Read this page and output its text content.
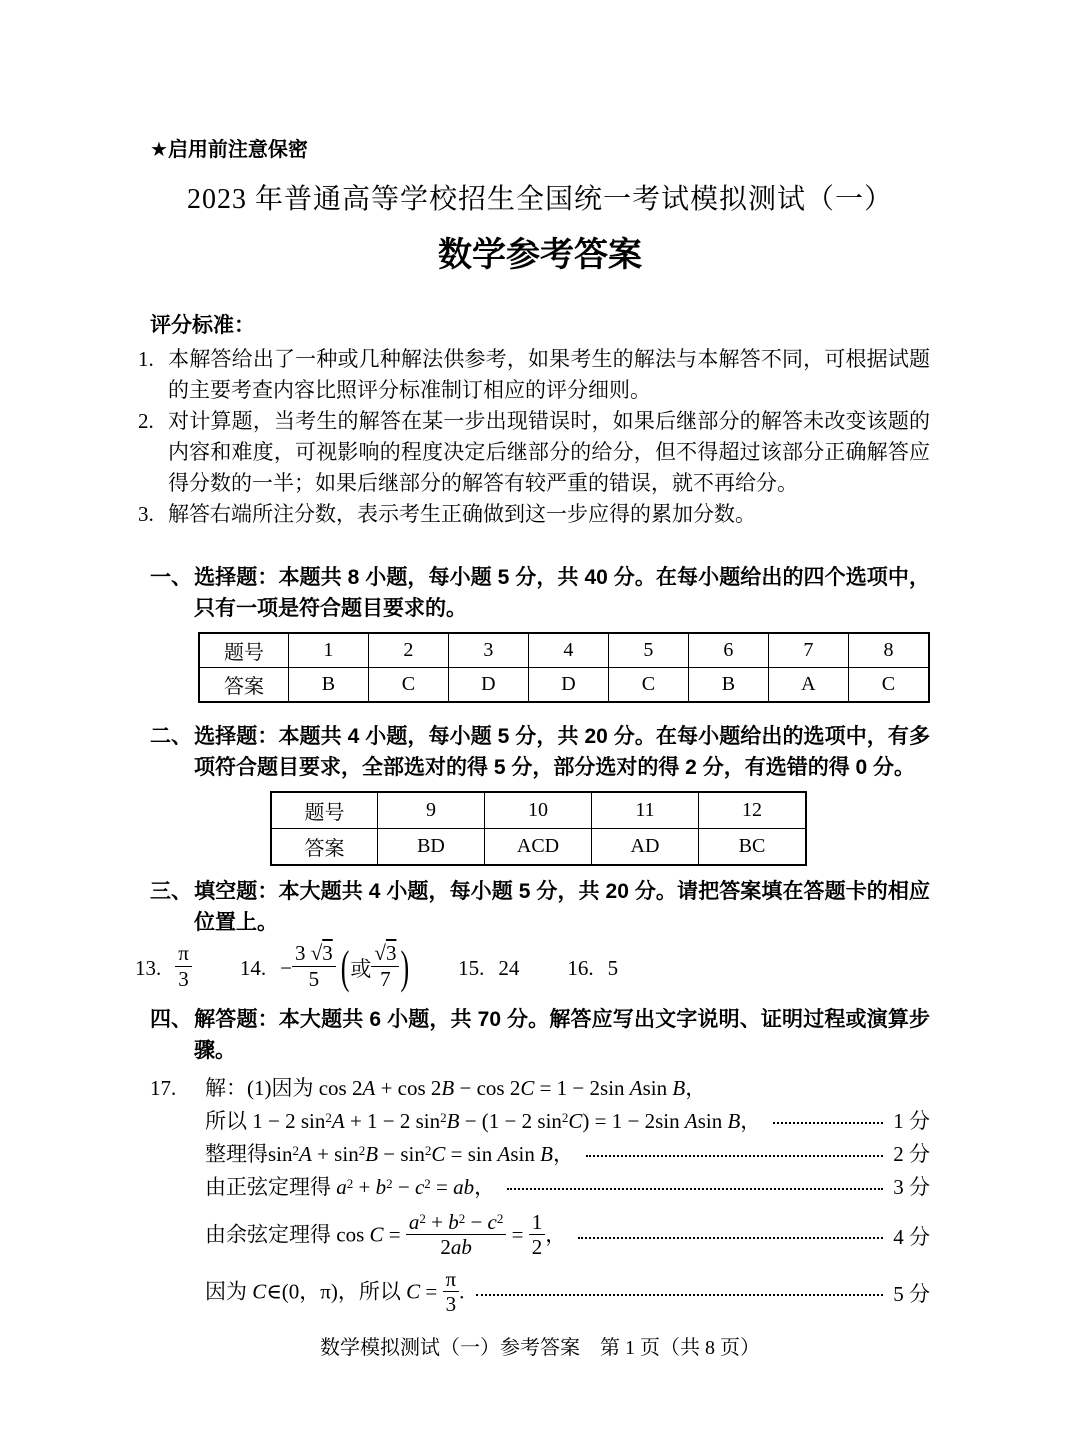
★启用前注意保密
2023 年普通高等学校招生全国统一考试模拟测试（一）
数学参考答案
评分标准：
1. 本解答给出了一种或几种解法供参考，如果考生的解法与本解答不同，可根据试题的主要考查内容比照评分标准制订相应的评分细则。
2. 对计算题，当考生的解答在某一步出现错误时，如果后继部分的解答未改变该题的内容和难度，可视影响的程度决定后继部分的给分，但不得超过该部分正确解答应得分数的一半；如果后继部分的解答有较严重的错误，就不再给分。
3. 解答右端所注分数，表示考生正确做到这一步应得的累加分数。
一、选择题：本题共 8 小题，每小题 5 分，共 40 分。在每小题给出的四个选项中，只有一项是符合题目要求的。
题号	1	2	3	4	5	6	7	8
答案	B	C	D	D	C	B	A	C
二、选择题：本题共 4 小题，每小题 5 分，共 20 分。在每小题给出的选项中，有多项符合题目要求，全部选对的得 5 分，部分选对的得 2 分，有选错的得 0 分。
题号	9	10	11	12
答案	BD	ACD	AD	BC
三、填空题：本大题共 4 小题，每小题 5 分，共 20 分。请把答案填在答题卡的相应位置上。
13. $\frac{\pi}{3} 14$. − $\frac{3 √3}{5}$ ( 或 $\frac{√3}{7}$ ) 15. 24 16. 5
四、解答题：本大题共 6 小题，共 70 分。解答应写出文字说明、证明过程或演算步骤。
17.	解：(1)因为 cos 2A + cos 2B − cos 2C = 1 − 2sin Asin B，
所以 1 − 2 $\sin^2A + 1 - 2$ $\sin^2B - (1 - 2$ $\sin^2C) = 1 - 2\sin$ Asin B，	1 分
整理得$\sin^2A + \sin^2B - \sin^2C = \sin Asin$ B，	2 分
由正弦定理得 $a^2 + b^2 - c^2$ = ab，	3 分
由余弦定理得 $\cos C = \frac{a^2 + b^2 - c^2}{2ab} = \frac{1}{2}$ ，	4 分
因为 C∈(0，π)，所以 $C = \frac{\pi}{3}$ .	5 分
数学模拟测试（一）参考答案　第 1 页（共 8 页）
